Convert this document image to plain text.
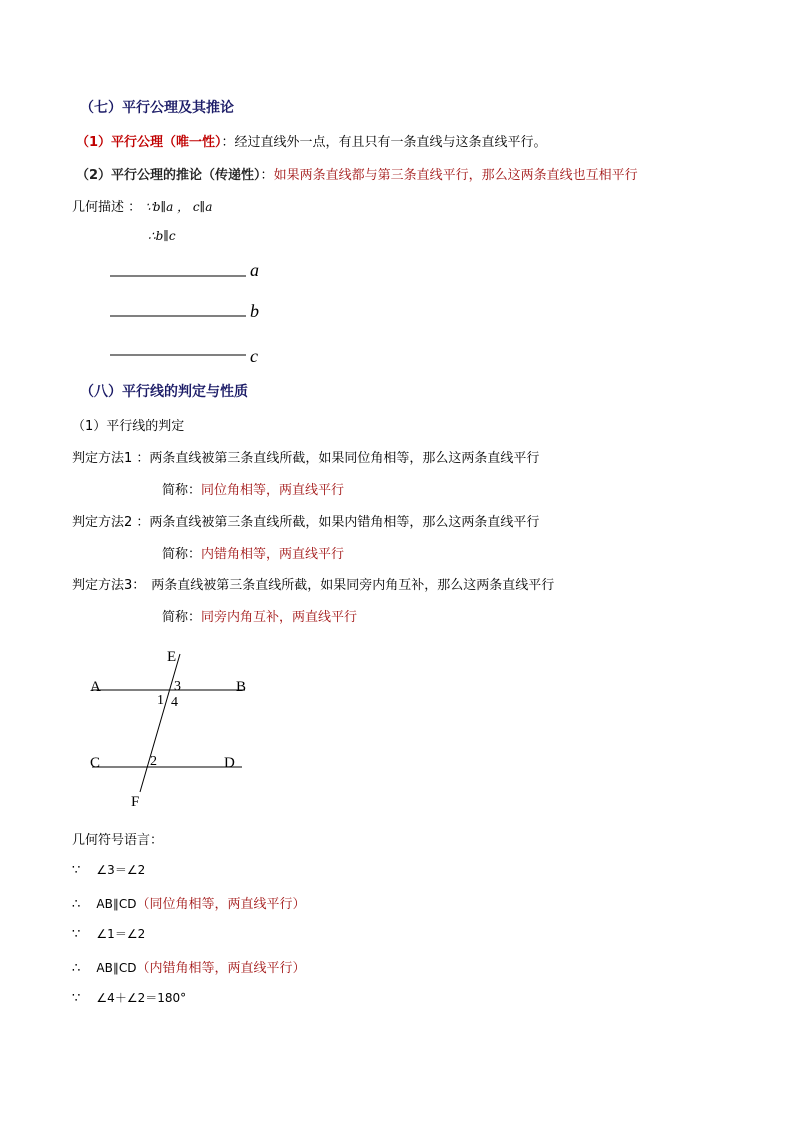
（七）平行公理及其推论
（1）平行公理（唯一性）：经过直线外一点，有且只有一条直线与这条直线平行。
（2）平行公理的推论（传递性）：如果两条直线都与第三条直线平行，那么这两条直线也互相平行
几何描述 ： ∵b∥a ， c∥a
∴b∥c
a
b
c
（八）平行线的判定与性质
（1）平行线的判定
判定方法1 ：两条直线被第三条直线所截，如果同位角相等，那么这两条直线平行
简称：同位角相等，两直线平行
判定方法2 ：两条直线被第三条直线所截，如果内错角相等，那么这两条直线平行
简称：内错角相等，两直线平行
判定方法3： 两条直线被第三条直线所截，如果同旁内角互补，那么这两条直线平行
简称：同旁内角互补，两直线平行
A	B
C	D
E
F
3
1 4
2
几何符号语言：
∵ ∠3＝∠2
∴ AB∥CD（同位角相等，两直线平行）
∵ ∠1＝∠2
∴ AB∥CD（内错角相等，两直线平行）
∵ ∠4＋∠2＝180°
